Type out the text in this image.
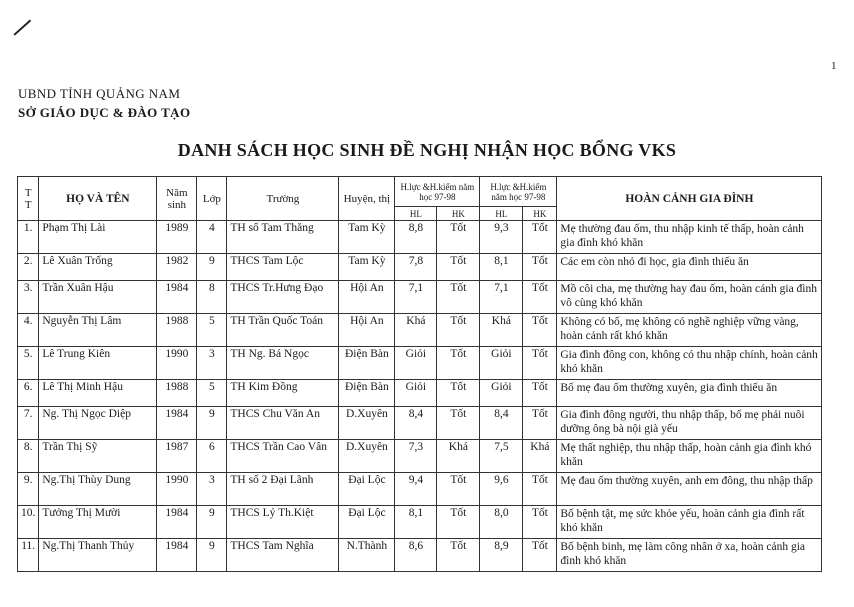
1
UBND TỈNH QUẢNG NAM
SỞ GIÁO DỤC & ĐÀO TẠO
DANH SÁCH HỌC SINH ĐỀ NGHỊ NHẬN HỌC BỔNG VKS
T T	HỌ VÀ TÊN	Năm sinh	Lớp	Trường	Huyện, thị	H.lực &H.kiểm năm học 97-98		H.lực &H.kiểm năm học 97-98		HOÀN CẢNH GIA ĐÌNH
						HL	HK	HL	HK	
1.	Phạm Thị Lài	1989	4	TH số Tam Thăng	Tam Kỳ	8,8	Tốt	9,3	Tốt	Mẹ thường đau ốm, thu nhập kinh tế thấp, hoàn cảnh gia đình khó khăn
2.	Lê Xuân Trống	1982	9	THCS Tam Lộc	Tam Kỳ	7,8	Tốt	8,1	Tốt	Các em còn nhỏ đi học, gia đình thiếu ăn
3.	Trần Xuân Hậu	1984	8	THCS Tr.Hưng Đạo	Hội An	7,1	Tốt	7,1	Tốt	Mồ côi cha, mẹ thường hay đau ốm, hoàn cảnh gia đình vô cùng khó khăn
4.	Nguyễn Thị Lâm	1988	5	TH Trần Quốc Toản	Hội An	Khá	Tốt	Khá	Tốt	Không có bố, mẹ không có nghề nghiệp vững vàng, hoàn cảnh rất khó khăn
5.	Lê Trung Kiên	1990	3	TH Ng. Bá Ngọc	Điện Bàn	Giỏi	Tốt	Giỏi	Tốt	Gia đình đông con, không có thu nhập chính, hoàn cảnh khó khăn
6.	Lê Thị Minh Hậu	1988	5	TH Kim Đồng	Điện Bàn	Giỏi	Tốt	Giỏi	Tốt	Bố mẹ đau ốm thường xuyên, gia đình thiếu ăn
7.	Ng. Thị Ngọc Diệp	1984	9	THCS Chu Văn An	D.Xuyên	8,4	Tốt	8,4	Tốt	Gia đình đông người, thu nhập thấp, bố mẹ phải nuôi dưỡng ông bà nội già yếu
8.	Trần Thị Sỹ	1987	6	THCS Trần Cao Vân	D.Xuyên	7,3	Khá	7,5	Khá	Mẹ thất nghiệp, thu nhập thấp, hoàn cảnh gia đình khó khăn
9.	Ng.Thị Thùy Dung	1990	3	TH số 2 Đại Lãnh	Đại Lộc	9,4	Tốt	9,6	Tốt	Mẹ đau ốm thường xuyên, anh em đông, thu nhập thấp
10.	Tưởng Thị Mười	1984	9	THCS Lý Th.Kiệt	Đại Lộc	8,1	Tốt	8,0	Tốt	Bố bệnh tật, mẹ sức khỏe yếu, hoàn cảnh gia đình rất khó khăn
11.	Ng.Thị Thanh Thủy	1984	9	THCS Tam Nghĩa	N.Thành	8,6	Tốt	8,9	Tốt	Bố bệnh binh, mẹ làm công nhân ở xa, hoàn cảnh gia đình khó khăn
